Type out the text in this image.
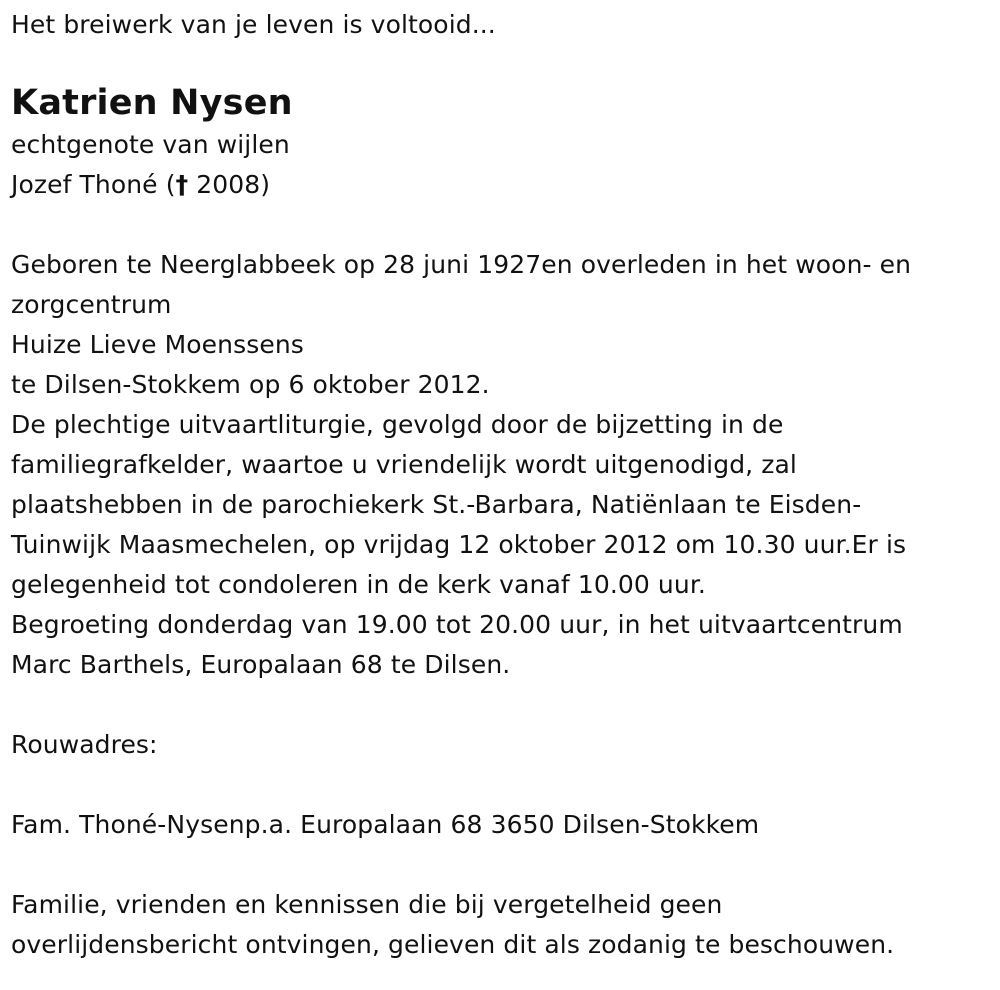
Het breiwerk van je leven is voltooid...
Katrien Nysen
echtgenote van wijlen
Jozef Thoné († 2008)
Geboren te Neerglabbeek op 28 juni 1927en overleden in het woon- en
zorgcentrum
Huize Lieve Moenssens
te Dilsen-Stokkem op 6 oktober 2012.
De plechtige uitvaartliturgie, gevolgd door de bijzetting in de
familiegrafkelder, waartoe u vriendelijk wordt uitgenodigd, zal
plaatshebben in de parochiekerk St.-Barbara, Natiënlaan te Eisden-
Tuinwijk Maasmechelen, op vrijdag 12 oktober 2012 om 10.30 uur.Er is
gelegenheid tot condoleren in de kerk vanaf 10.00 uur.
Begroeting donderdag van 19.00 tot 20.00 uur, in het uitvaartcentrum
Marc Barthels, Europalaan 68 te Dilsen.
Rouwadres:
Fam. Thoné-Nysenp.a. Europalaan 68 3650 Dilsen-Stokkem
Familie, vrienden en kennissen die bij vergetelheid geen
overlijdensbericht ontvingen, gelieven dit als zodanig te beschouwen.
